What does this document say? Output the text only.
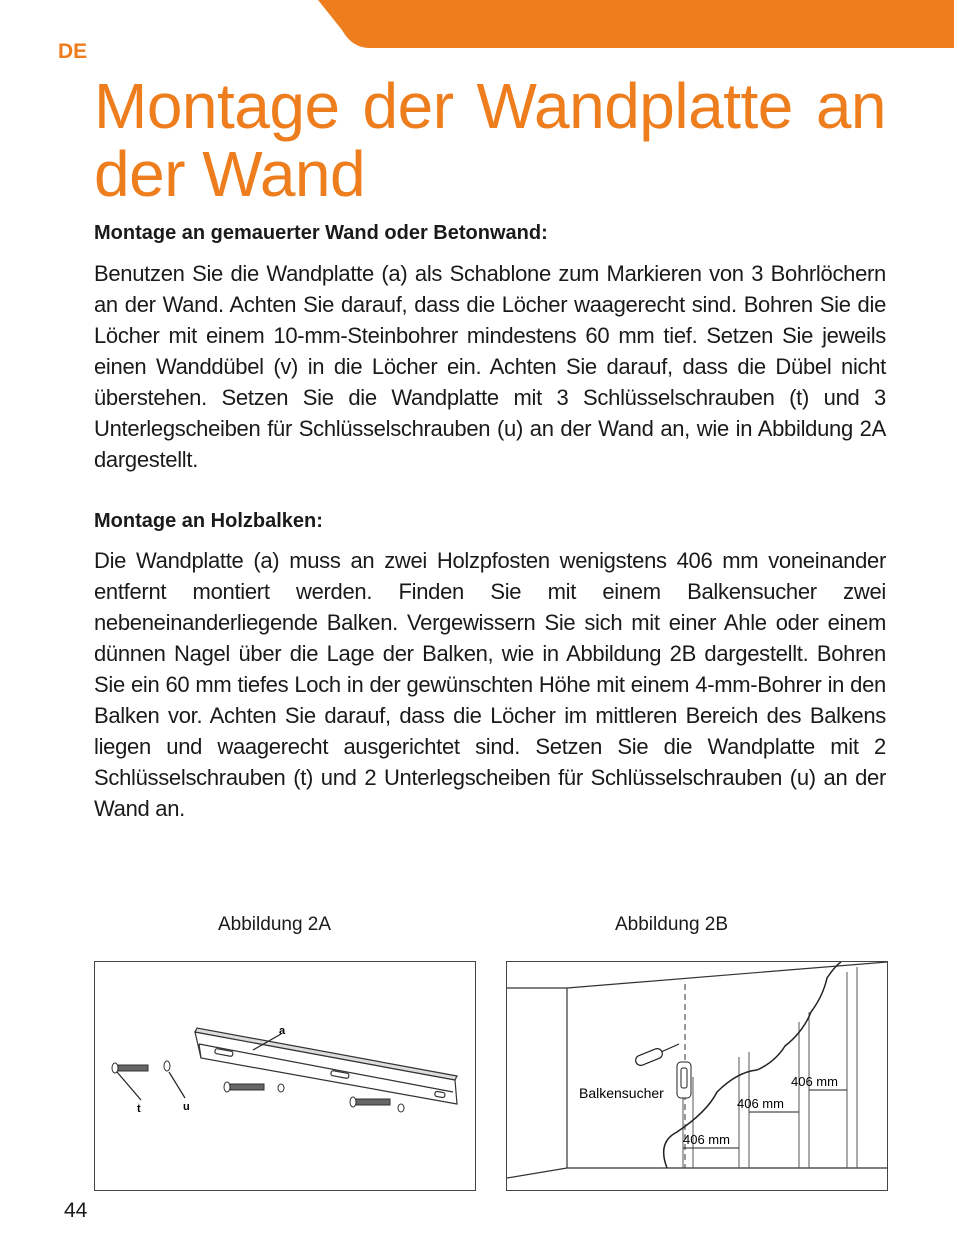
DE
Montage der Wandplatte an der Wand
Montage an gemauerter Wand oder Betonwand:

Benutzen Sie die Wandplatte (a) als Schablone zum Markieren von 3 Bohrlöchern an der Wand. Achten Sie darauf, dass die Löcher waagerecht sind. Bohren Sie die Löcher mit einem 10-mm-Steinbohrer mindestens 60 mm tief. Setzen Sie jeweils einen Wanddübel (v) in die Löcher ein. Achten Sie darauf, dass die Dübel nicht überstehen. Setzen Sie die Wandplatte mit 3 Schlüsselschrauben (t) und 3 Unterlegscheiben für Schlüsselschrauben (u) an der Wand an, wie in Abbildung 2A dargestellt.

Montage an Holzbalken:

Die Wandplatte (a) muss an zwei Holzpfosten wenigstens 406 mm voneinander entfernt montiert werden. Finden Sie mit einem Balkensucher zwei nebeneinanderliegende Balken. Vergewissern Sie sich mit einer Ahle oder einem dünnen Nagel über die Lage der Balken, wie in Abbildung 2B dargestellt. Bohren Sie ein 60 mm tiefes Loch in der gewünschten Höhe mit einem 4-mm-Bohrer in den Balken vor. Achten Sie darauf, dass die Löcher im mittleren Bereich des Balkens liegen und waagerecht ausgerichtet sind. Setzen Sie die Wandplatte mit 2 Schlüsselschrauben (t) und 2 Unterlegscheiben für Schlüsselschrauben (u) an der Wand an.

Abbildung 2A	Abbildung 2B
a
t	u
Balkensucher
406 mm
406 mm
406 mm
44
